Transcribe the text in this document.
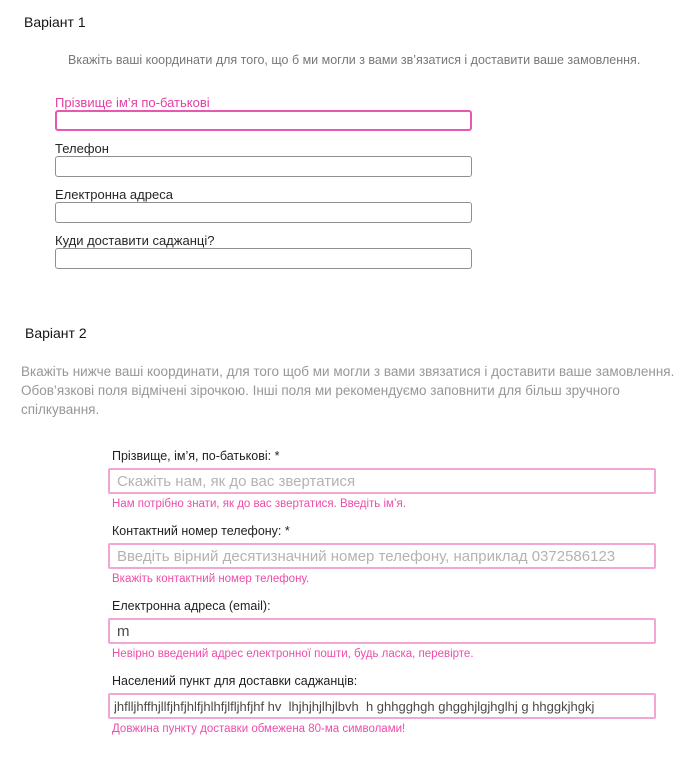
Варіант 1

Вкажіть ваші координати для того, що б ми могли з вами зв’язатися і доставити ваше замовлення.

Прізвище ім’я по-батькові
Телефон
Електронна адреса
Куди доставити саджанці?
Варіант 2

Вкажіть нижче ваші координати, для того щоб ми могли з вами звязатися і доставити ваше замовлення. Обов’язкові поля відмічені зірочкою. Інші поля ми рекомендуємо заповнити для більш зручного спілкування.

Прізвище, ім’я, по-батькові: *
Скажіть нам, як до вас звертатися
Нам потрібно знати, як до вас звертатися. Введіть ім’я.
Контактний номер телефону: *
Введіть вірний десятизначний номер телефону, наприклад 0372586123
Вкажіть контактний номер телефону.
Електронна адреса (email):
m
Невірно введений адрес електронної пошти, будь ласка, перевірте.
Населений пункт для доставки саджанців:
jhflljhffhjllfjhfjhlfjhlhfjlfljhfjhf hv lhjhjhjlhjlbvh h ghhgghgh ghgghjlgjhglhj g hhggkjhgkj
Довжина пункту доставки обмежена 80-ма символами!
